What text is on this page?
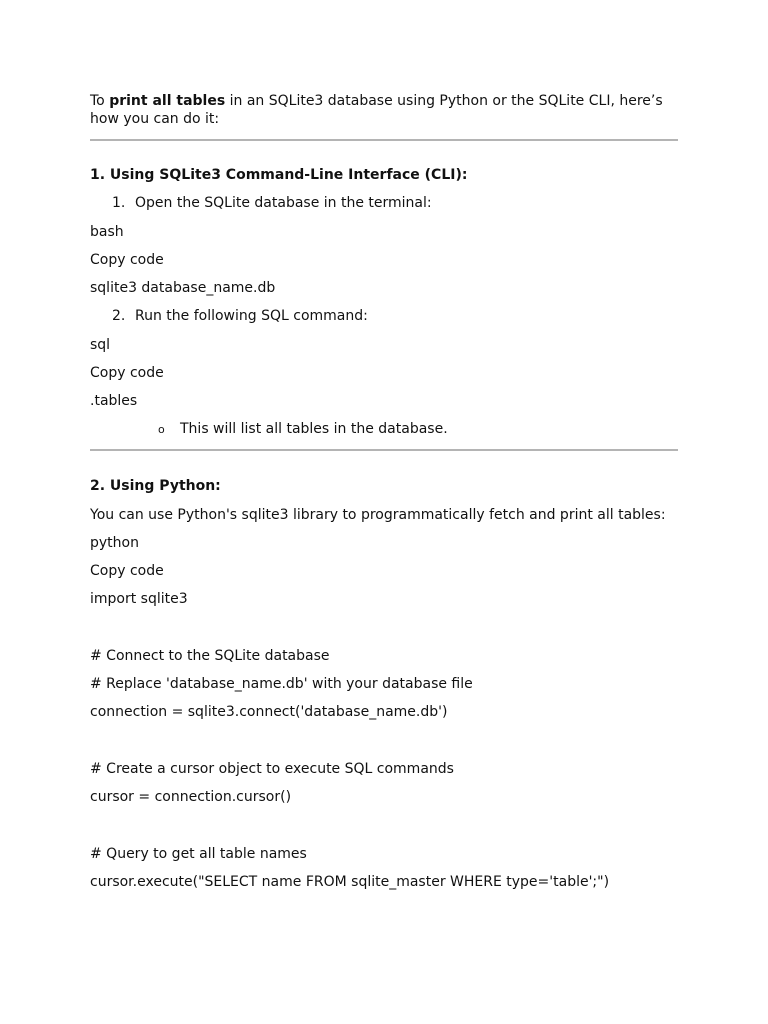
To print all tables in an SQLite3 database using Python or the SQLite CLI, here’s how you can do it:
1. Using SQLite3 Command-Line Interface (CLI):
1. Open the SQLite database in the terminal:
bash
Copy code
sqlite3 database_name.db
2. Run the following SQL command:
sql
Copy code
.tables
o This will list all tables in the database.
2. Using Python:
You can use Python's sqlite3 library to programmatically fetch and print all tables:
python
Copy code
import sqlite3
# Connect to the SQLite database
# Replace 'database_name.db' with your database file
connection = sqlite3.connect('database_name.db')
# Create a cursor object to execute SQL commands
cursor = connection.cursor()
# Query to get all table names
cursor.execute("SELECT name FROM sqlite_master WHERE type='table';")
